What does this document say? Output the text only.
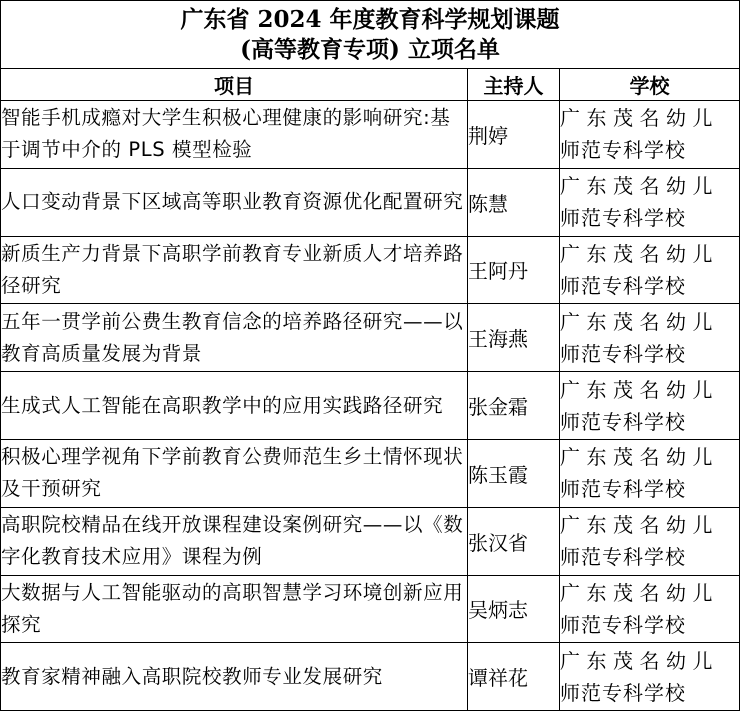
广东省 2024 年度教育科学规划课题
(高等教育专项) 立项名单		

项目	主持人	学校
智能手机成瘾对大学生积极心理健康的影响研究:基于调节中介的 PLS 模型检验	荆婷	广东茂名幼儿
师范专科学校

人口变动背景下区域高等职业教育资源优化配置研究	陈慧	广东茂名幼儿
师范专科学校

新质生产力背景下高职学前教育专业新质人才培养路径研究	王阿丹	广东茂名幼儿
师范专科学校

五年一贯学前公费生教育信念的培养路径研究——以教育高质量发展为背景	王海燕	广东茂名幼儿
师范专科学校

生成式人工智能在高职教学中的应用实践路径研究	张金霜	广东茂名幼儿
师范专科学校

积极心理学视角下学前教育公费师范生乡土情怀现状及干预研究	陈玉霞	广东茂名幼儿
师范专科学校

高职院校精品在线开放课程建设案例研究——以《数字化教育技术应用》课程为例	张汉省	广东茂名幼儿
师范专科学校

大数据与人工智能驱动的高职智慧学习环境创新应用探究	吴炳志	广东茂名幼儿
师范专科学校

教育家精神融入高职院校教师专业发展研究	谭祥花	广东茂名幼儿
师范专科学校
